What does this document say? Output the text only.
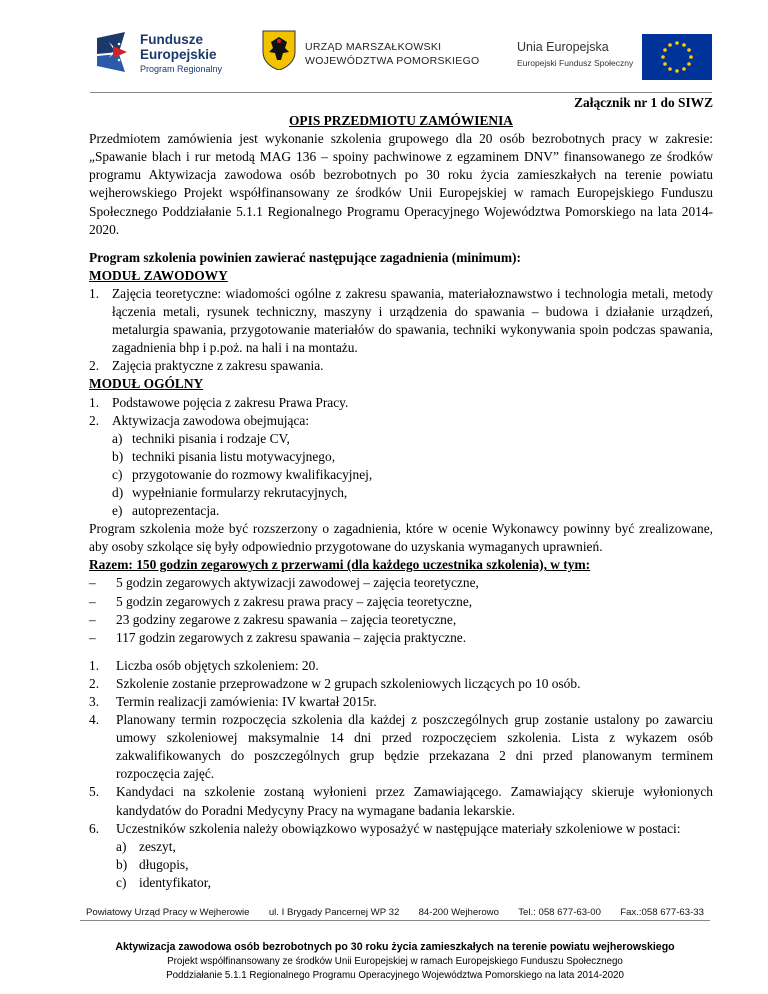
Fundusze
Europejskie
Program Regionalny
URZĄD MARSZAŁKOWSKI
WOJEWÓDZTWA POMORSKIEGO
Unia Europejska
Europejski Fundusz Społeczny
Załącznik nr 1 do SIWZ
OPIS PRZEDMIOTU ZAMÓWIENIA
Przedmiotem zamówienia jest wykonanie szkolenia grupowego dla 20 osób bezrobotnych pracy w zakresie: „Spawanie blach i rur metodą MAG 136 – spoiny pachwinowe z egzaminem DNV” finansowanego ze środków programu Aktywizacja zawodowa osób bezrobotnych po 30 roku życia zamieszkałych na terenie powiatu wejherowskiego Projekt współfinansowany ze środków Unii Europejskiej w ramach Europejskiego Funduszu Społecznego Poddziałanie 5.1.1 Regionalnego Programu Operacyjnego Województwa Pomorskiego na lata 2014-2020.
Program szkolenia powinien zawierać następujące zagadnienia (minimum):
MODUŁ ZAWODOWY
1. Zajęcia teoretyczne: wiadomości ogólne z zakresu spawania, materiałoznawstwo i technologia metali, metody łączenia metali, rysunek techniczny, maszyny i urządzenia do spawania – budowa i działanie urządzeń, metalurgia spawania, przygotowanie materiałów do spawania, techniki wykonywania spoin podczas spawania, zagadnienia bhp i p.poż. na hali i na montażu.
2. Zajęcia praktyczne z zakresu spawania.
MODUŁ OGÓLNY
1. Podstawowe pojęcia z zakresu Prawa Pracy.
2. Aktywizacja zawodowa obejmująca:
a) techniki pisania i rodzaje CV,
b) techniki pisania listu motywacyjnego,
c) przygotowanie do rozmowy kwalifikacyjnej,
d) wypełnianie formularzy rekrutacyjnych,
e) autoprezentacja.
Program szkolenia może być rozszerzony o zagadnienia, które w ocenie Wykonawcy powinny być zrealizowane, aby osoby szkolące się były odpowiednio przygotowane do uzyskania wymaganych uprawnień.
Razem: 150 godzin zegarowych z przerwami (dla każdego uczestnika szkolenia), w tym:
– 5 godzin zegarowych aktywizacji zawodowej – zajęcia teoretyczne,
– 5 godzin zegarowych z zakresu prawa pracy – zajęcia teoretyczne,
– 23 godziny zegarowe z zakresu spawania – zajęcia teoretyczne,
– 117 godzin zegarowych z zakresu spawania – zajęcia praktyczne.
1. Liczba osób objętych szkoleniem: 20.
2. Szkolenie zostanie przeprowadzone w 2 grupach szkoleniowych liczących po 10 osób.
3. Termin realizacji zamówienia: IV kwartał 2015r.
4. Planowany termin rozpoczęcia szkolenia dla każdej z poszczególnych grup zostanie ustalony po zawarciu umowy szkoleniowej maksymalnie 14 dni przed rozpoczęciem szkolenia. Lista z wykazem osób zakwalifikowanych do poszczególnych grup będzie przekazana 2 dni przed planowanym terminem rozpoczęcia zajęć.
5. Kandydaci na szkolenie zostaną wyłonieni przez Zamawiającego. Zamawiający skieruje wyłonionych kandydatów do Poradni Medycyny Pracy na wymagane badania lekarskie.
6. Uczestników szkolenia należy obowiązkowo wyposażyć w następujące materiały szkoleniowe w postaci:
a) zeszyt,
b) długopis,
c) identyfikator,
Powiatowy Urząd Pracy w Wejherowie ul. I Brygady Pancernej WP 32 84-200 Wejherowo Tel.: 058 677-63-00 Fax.:058 677-63-33
Aktywizacja zawodowa osób bezrobotnych po 30 roku życia zamieszkałych na terenie powiatu wejherowskiego
Projekt współfinansowany ze środków Unii Europejskiej w ramach Europejskiego Funduszu Społecznego
Poddziałanie 5.1.1 Regionalnego Programu Operacyjnego Województwa Pomorskiego na lata 2014-2020
